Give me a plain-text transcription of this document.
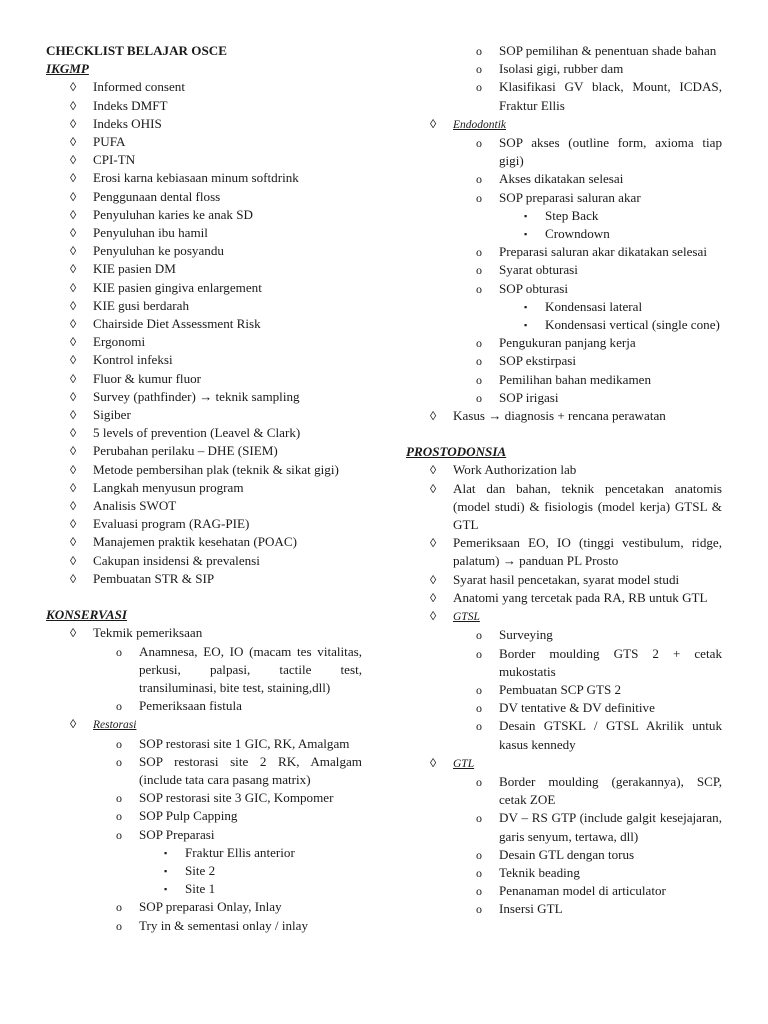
CHECKLIST BELAJAR OSCE

IKGMP

◊ Informed consent
◊ Indeks DMFT
◊ Indeks OHIS
◊ PUFA
◊ CPI-TN
◊ Erosi karna kebiasaan minum softdrink
◊ Penggunaan dental floss
◊ Penyuluhan karies ke anak SD
◊ Penyuluhan ibu hamil
◊ Penyuluhan ke posyandu
◊ KIE pasien DM
◊ KIE pasien gingiva enlargement
◊ KIE gusi berdarah
◊ Chairside Diet Assessment Risk
◊ Ergonomi
◊ Kontrol infeksi
◊ Fluor & kumur fluor
◊ Survey (pathfinder) → teknik sampling
◊ Sigiber
◊ 5 levels of prevention (Leavel & Clark)
◊ Perubahan perilaku – DHE (SIEM)
◊ Metode pembersihan plak (teknik & sikat gigi)
◊ Langkah menyusun program
◊ Analisis SWOT
◊ Evaluasi program (RAG-PIE)
◊ Manajemen praktik kesehatan (POAC)
◊ Cakupan insidensi & prevalensi
◊ Pembuatan STR & SIP

KONSERVASI

◊ Tekmik pemeriksaan
o Anamnesa, EO, IO (macam tes vitalitas, perkusi, palpasi, tactile test, transiluminasi, bite test, staining,dll)
o Pemeriksaan fistula
◊ Restorasi
o SOP restorasi site 1 GIC, RK, Amalgam
o SOP restorasi site 2 RK, Amalgam (include tata cara pasang matrix)
o SOP restorasi site 3 GIC, Kompomer
o SOP Pulp Capping
o SOP Preparasi
▪ Fraktur Ellis anterior
▪ Site 2
▪ Site 1
o SOP preparasi Onlay, Inlay
o Try in & sementasi onlay / inlay
o SOP pemilihan & penentuan shade bahan
o Isolasi gigi, rubber dam
o Klasifikasi GV black, Mount, ICDAS, Fraktur Ellis
◊ Endodontik
o SOP akses (outline form, axioma tiap gigi)
o Akses dikatakan selesai
o SOP preparasi saluran akar
▪ Step Back
▪ Crowndown
o Preparasi saluran akar dikatakan selesai
o Syarat obturasi
o SOP obturasi
▪ Kondensasi lateral
▪ Kondensasi vertical (single cone)
o Pengukuran panjang kerja
o SOP ekstirpasi
o Pemilihan bahan medikamen
o SOP irigasi
◊ Kasus → diagnosis + rencana perawatan

PROSTODONSIA

◊ Work Authorization lab
◊ Alat dan bahan, teknik pencetakan anatomis (model studi) & fisiologis (model kerja) GTSL & GTL
◊ Pemeriksaan EO, IO (tinggi vestibulum, ridge, palatum) → panduan PL Prosto
◊ Syarat hasil pencetakan, syarat model studi
◊ Anatomi yang tercetak pada RA, RB untuk GTL
◊ GTSL
o Surveying
o Border moulding GTS 2 + cetak mukostatis
o Pembuatan SCP GTS 2
o DV tentative & DV definitive
o Desain GTSKL / GTSL Akrilik untuk kasus kennedy
◊ GTL
o Border moulding (gerakannya), SCP, cetak ZOE
o DV – RS GTP (include galgit kesejajaran, garis senyum, tertawa, dll)
o Desain GTL dengan torus
o Teknik beading
o Penanaman model di articulator
o Insersi GTL
